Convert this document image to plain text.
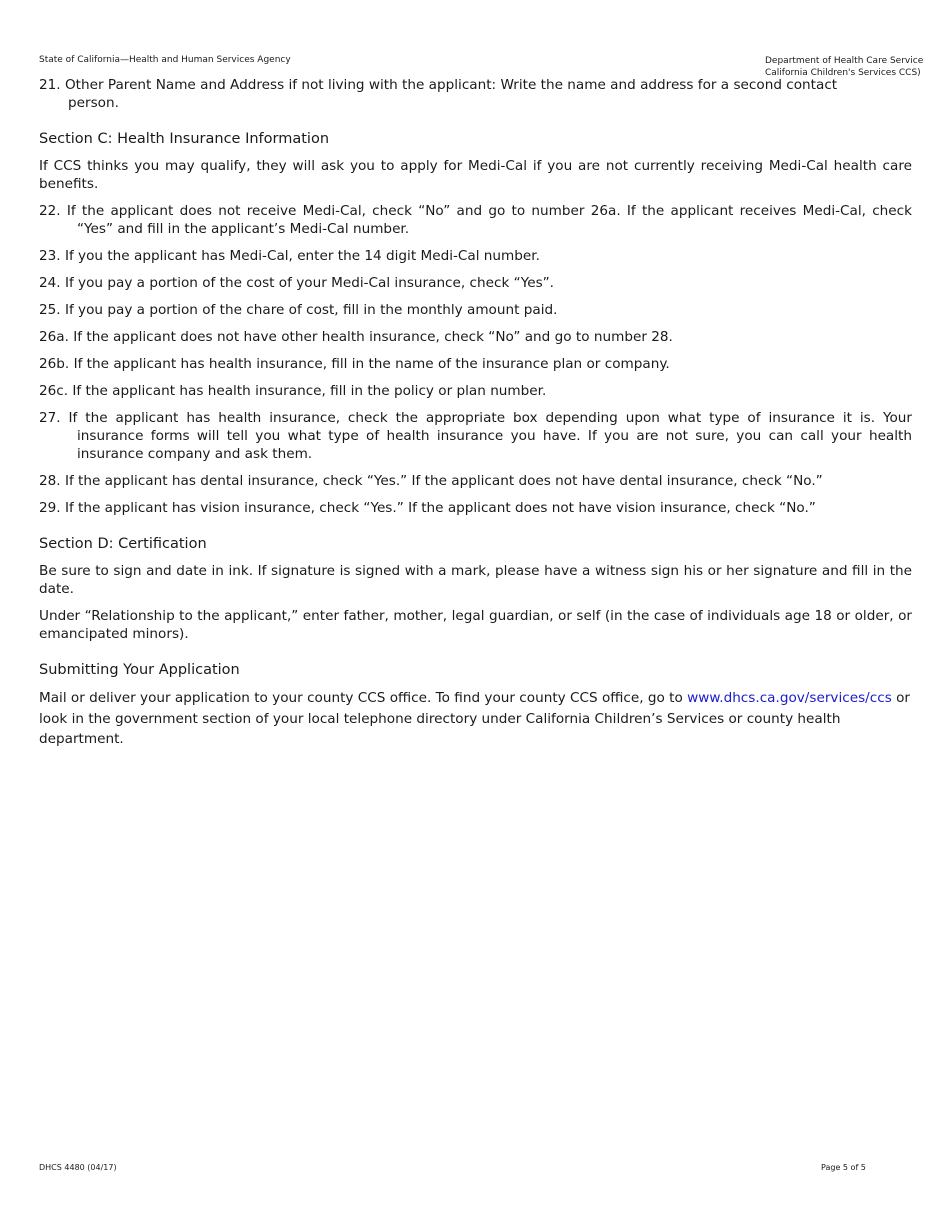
State of California—Health and Human Services Agency	Department of Health Care Service
California Children's Services CCS)

21. Other Parent Name and Address if not living with the applicant: Write the name and address for a second contact person.

Section C: Health Insurance Information

If CCS thinks you may qualify, they will ask you to apply for Medi-Cal if you are not currently receiving Medi-Cal health care benefits.

22. If the applicant does not receive Medi-Cal, check “No” and go to number 26a. If the applicant receives Medi-Cal, check “Yes” and fill in the applicant’s Medi-Cal number.

23. If you the applicant has Medi-Cal, enter the 14 digit Medi-Cal number.

24. If you pay a portion of the cost of your Medi-Cal insurance, check “Yes”.

25. If you pay a portion of the chare of cost, fill in the monthly amount paid.

26a. If the applicant does not have other health insurance, check “No” and go to number 28.

26b. If the applicant has health insurance, fill in the name of the insurance plan or company.

26c. If the applicant has health insurance, fill in the policy or plan number.

27. If the applicant has health insurance, check the appropriate box depending upon what type of insurance it is. Your insurance forms will tell you what type of health insurance you have. If you are not sure, you can call your health insurance company and ask them.

28. If the applicant has dental insurance, check “Yes.” If the applicant does not have dental insurance, check “No.”

29. If the applicant has vision insurance, check “Yes.” If the applicant does not have vision insurance, check “No.”

Section D: Certification

Be sure to sign and date in ink. If signature is signed with a mark, please have a witness sign his or her signature and fill in the date.

Under “Relationship to the applicant,” enter father, mother, legal guardian, or self (in the case of individuals age 18 or older, or emancipated minors).

Submitting Your Application

Mail or deliver your application to your county CCS office. To find your county CCS office, go to www.dhcs.ca.gov/services/ccs or look in the government section of your local telephone directory under California Children’s Services or county health department.

DHCS 4480 (04/17)	Page 5 of 5
